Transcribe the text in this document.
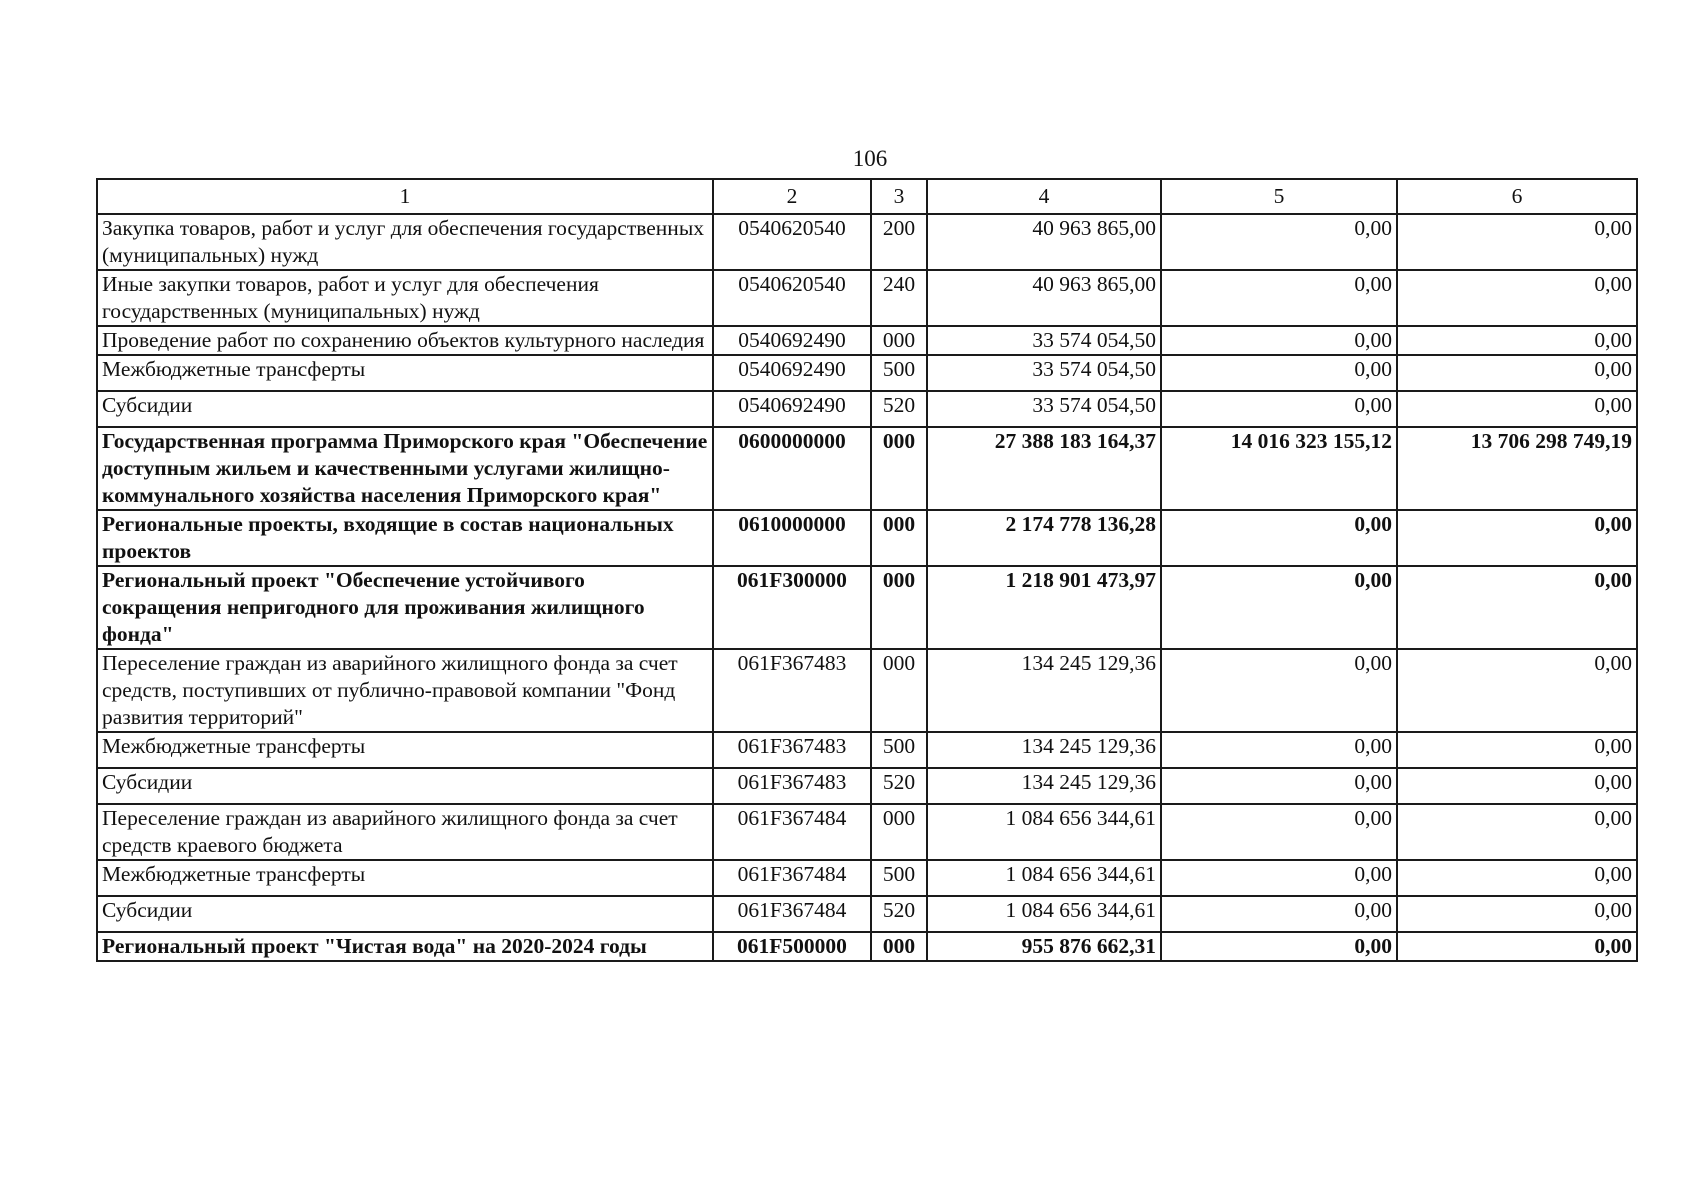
106
1	2	3	4	5	6
Закупка товаров, работ и услуг для обеспечения государственных (муниципальных) нужд	0540620540	200	40 963 865,00	0,00	0,00
Иные закупки товаров, работ и услуг для обеспечения государственных (муниципальных) нужд	0540620540	240	40 963 865,00	0,00	0,00
Проведение работ по сохранению объектов культурного наследия	0540692490	000	33 574 054,50	0,00	0,00
Межбюджетные трансферты	0540692490	500	33 574 054,50	0,00	0,00
Субсидии	0540692490	520	33 574 054,50	0,00	0,00
Государственная программа Приморского края "Обеспечение доступным жильем и качественными услугами жилищно-коммунального хозяйства населения Приморского края"	0600000000	000	27 388 183 164,37	14 016 323 155,12	13 706 298 749,19
Региональные проекты, входящие в состав национальных проектов	0610000000	000	2 174 778 136,28	0,00	0,00
Региональный проект "Обеспечение устойчивого сокращения непригодного для проживания жилищного фонда"	061F300000	000	1 218 901 473,97	0,00	0,00
Переселение граждан из аварийного жилищного фонда за счет средств, поступивших от публично-правовой компании "Фонд развития территорий"	061F367483	000	134 245 129,36	0,00	0,00
Межбюджетные трансферты	061F367483	500	134 245 129,36	0,00	0,00
Субсидии	061F367483	520	134 245 129,36	0,00	0,00
Переселение граждан из аварийного жилищного фонда за счет средств краевого бюджета	061F367484	000	1 084 656 344,61	0,00	0,00
Межбюджетные трансферты	061F367484	500	1 084 656 344,61	0,00	0,00
Субсидии	061F367484	520	1 084 656 344,61	0,00	0,00
Региональный проект "Чистая вода" на 2020-2024 годы	061F500000	000	955 876 662,31	0,00	0,00
